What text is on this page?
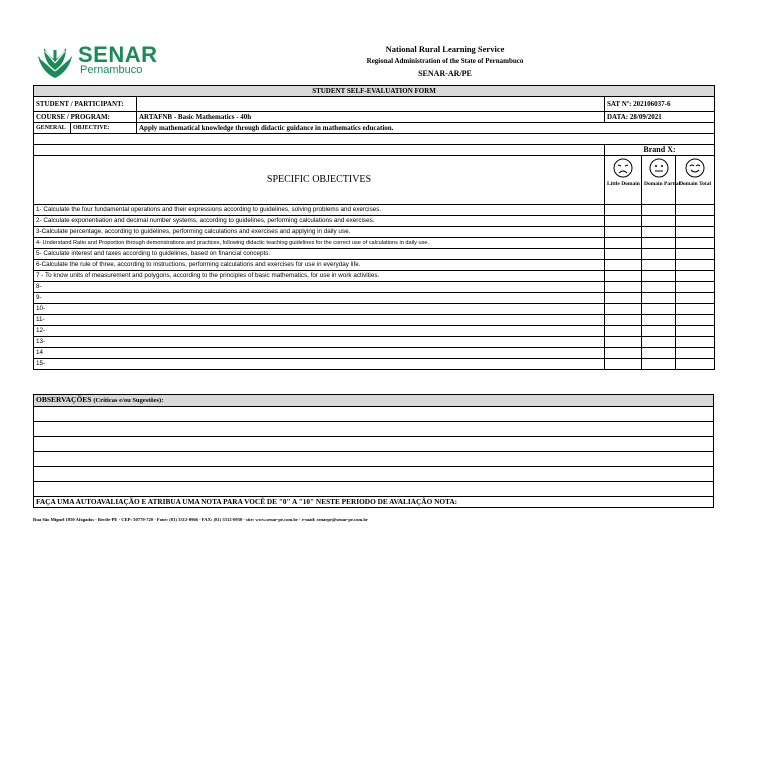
SENAR
Pernambuco
National Rural Learning Service
Regional Administration of the State of Pernambuco
SENAR-AR/PE
STUDENT SELF-EVALUATION FORM					
STUDENT / PARTICIPANT:			SAT Nº: 202106037-6		
COURSE / PROGRAM:		ARTAFNB - Basic Mathematics - 40h	DATA: 28/09/2021		
GENERAL	OBJECTIVE:	Apply mathematical knowledge through didactic guidance in mathematics education.			

			Brand X:		
SPECIFIC OBJECTIVES			Little Domain	Domain Partial	Domain Total

1- Calculate the four fundamental operations and their expressions according to guidelines, solving problems and exercises.					
2- Calculate exponentiation and decimal number systems, according to guidelines, performing calculations and exercises.					
3-Calculate percentage, according to guidelines, performing calculations and exercises and applying in daily use.					
4- Understand Ratio and Proportion through demonstrations and practices, following didactic teaching guidelines for the correct use of calculations in daily use.					
5- Calculate interest and taxes according to guidelines, based on financial concepts.					
6-Calculate the rule of three, according to instructions, performing calculations and exercises for use in everyday life.					
7 - To know units of measurement and polygons, according to the principles of basic mathematics, for use in work activities.					
8-					
9-					
10-					
11-					
12-					
13-					
14					
15-					
OBSERVAÇÕES (Críticas e/ou Sugestões):

FAÇA UMA AUTOAVALIAÇÃO E ATRIBUA UMA NOTA PARA VOCÊ DE "0" A "10" NESTE PERIODO DE AVALIAÇÃO NOTA:
Rua São Miguel 1050 Afogados - Recife-PE - CEP: 50770-720 - Fone: (81) 3312-0966 - FAX: (81) 3312-0950 - site: www.senar-pe.com.br - e-mail: senarpe@senar-pe.com.br
